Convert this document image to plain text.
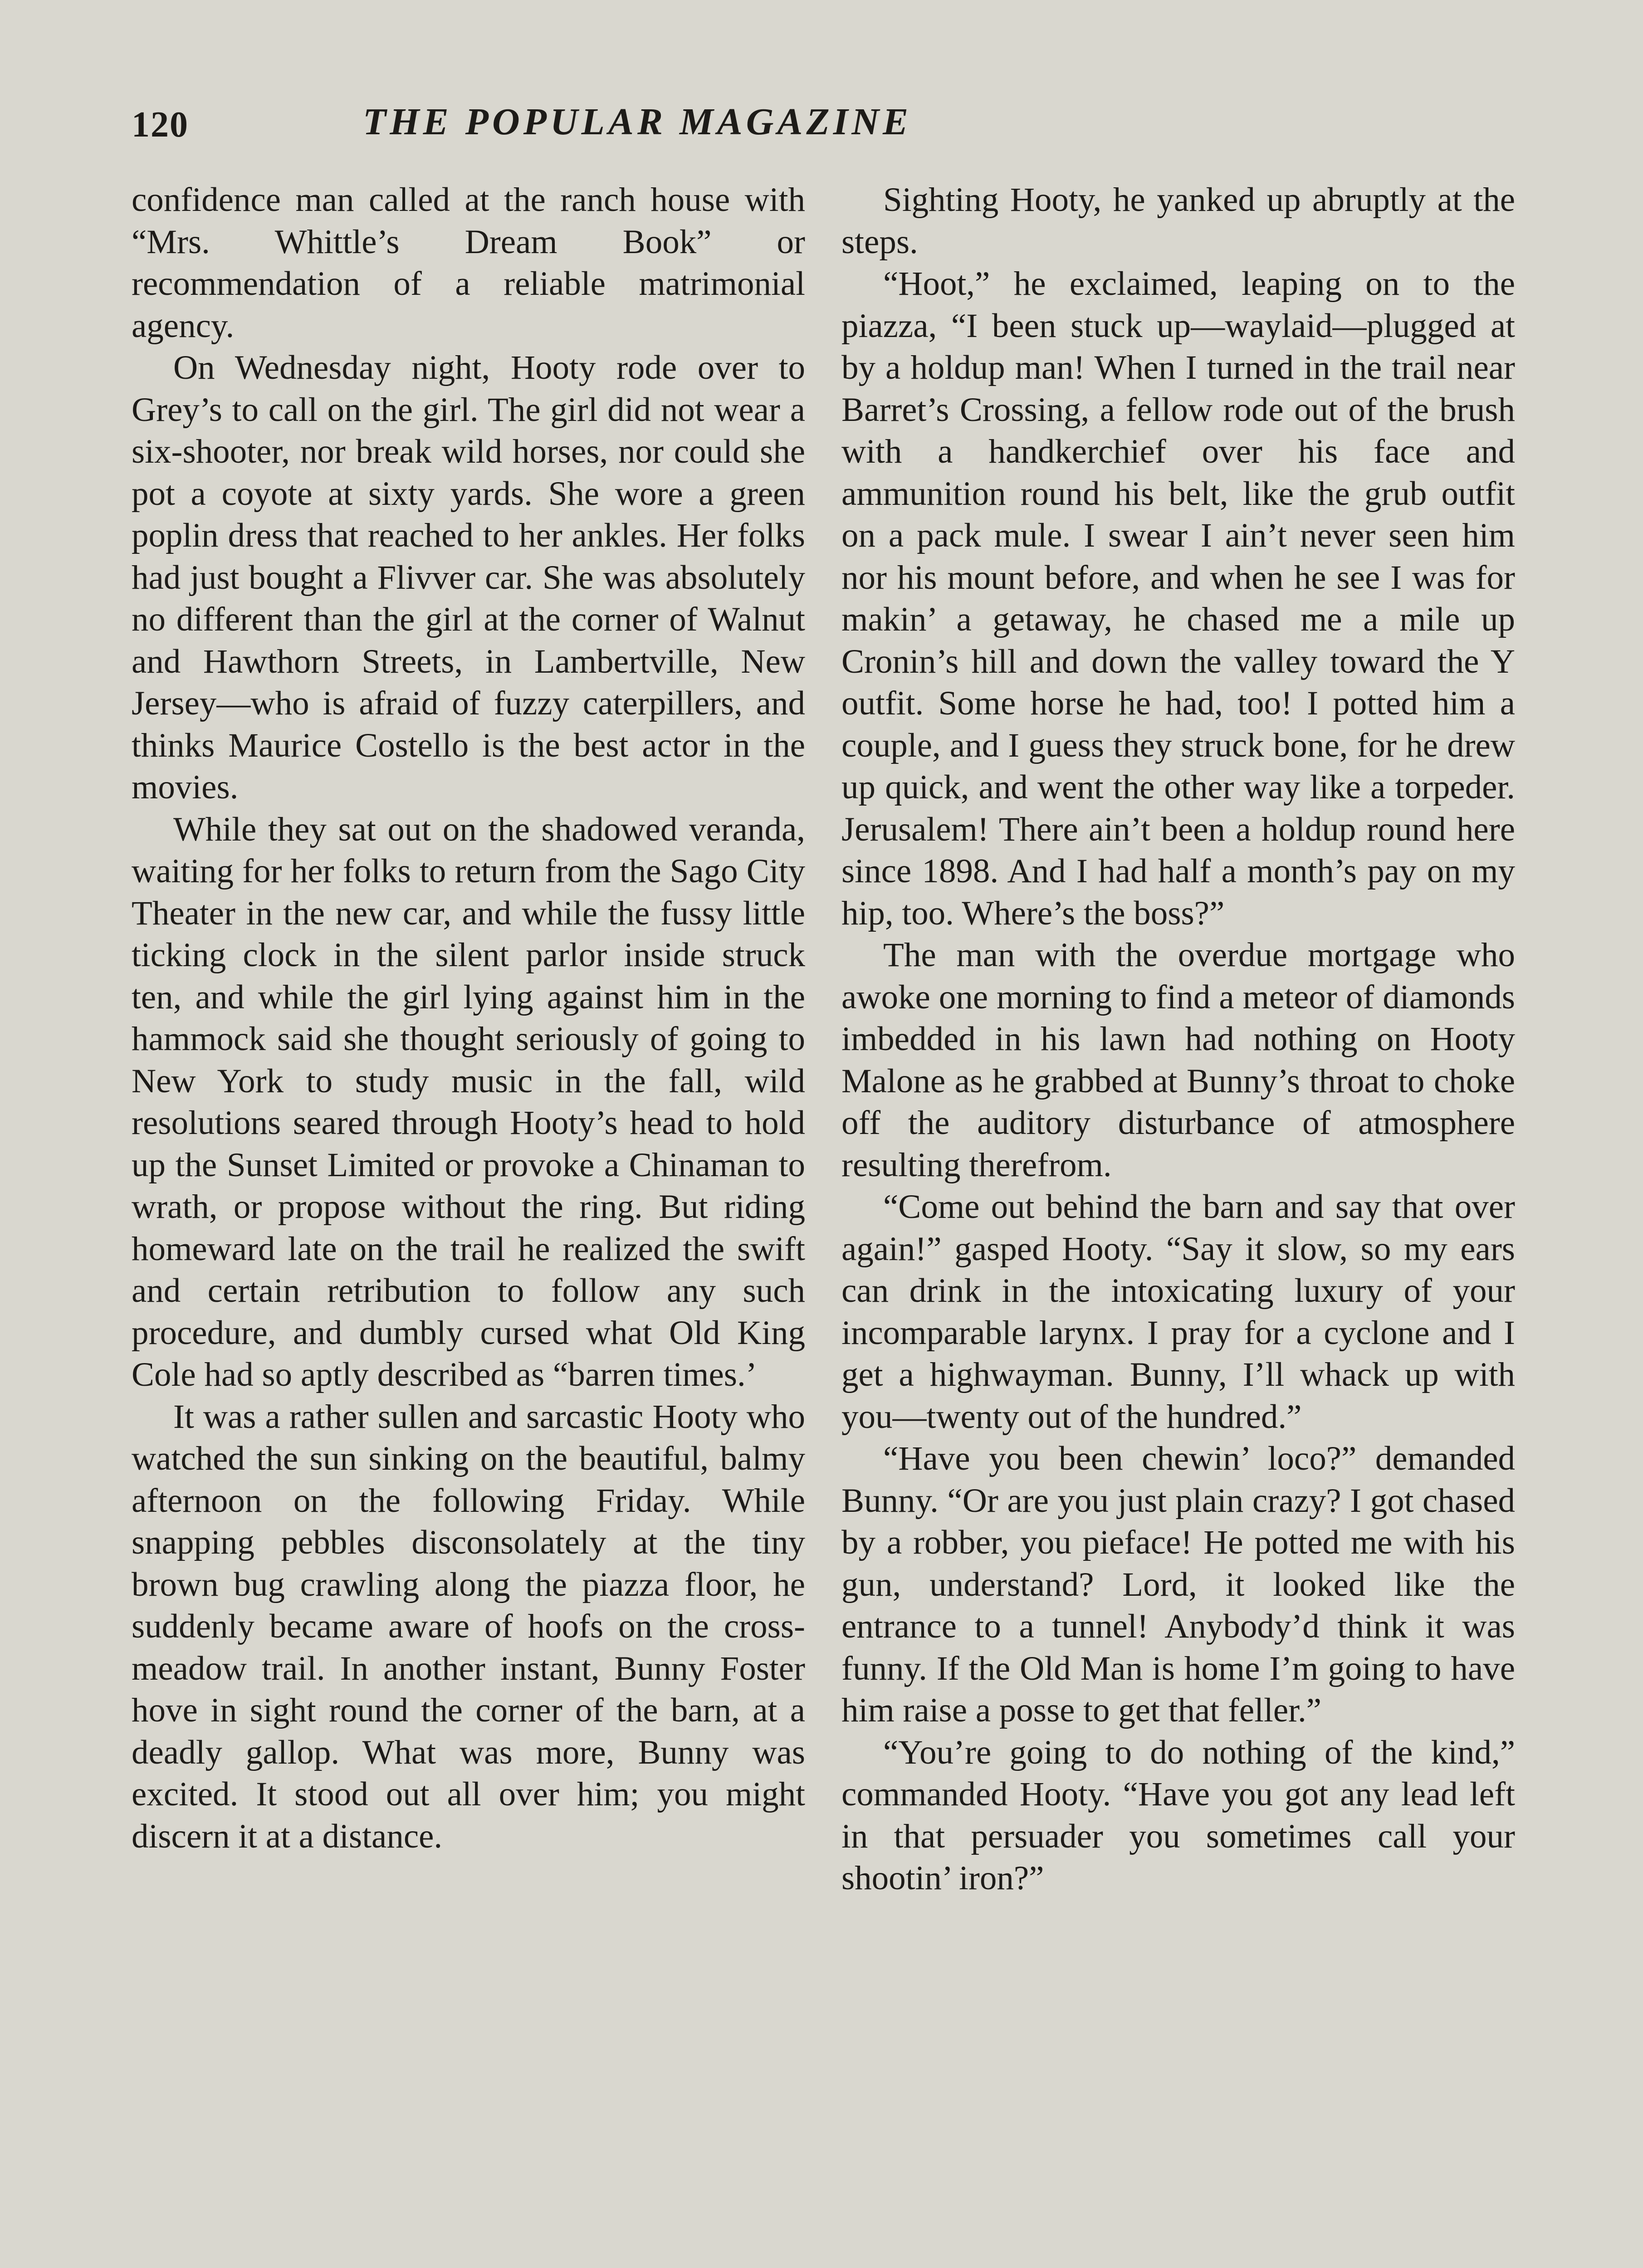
120	THE POPULAR MAGAZINE

confidence man called at the ranch house with “Mrs. Whittle’s Dream Book” or recommendation of a reliable matrimonial agency.

On Wednesday night, Hooty rode over to Grey’s to call on the girl. The girl did not wear a six-shooter, nor break wild horses, nor could she pot a coyote at sixty yards. She wore a green poplin dress that reached to her ankles. Her folks had just bought a Flivver car. She was absolutely no different than the girl at the corner of Walnut and Hawthorn Streets, in Lambertville, New Jersey—who is afraid of fuzzy caterpillers, and thinks Maurice Costello is the best actor in the movies.

While they sat out on the shadowed veranda, waiting for her folks to return from the Sago City Theater in the new car, and while the fussy little ticking clock in the silent parlor inside struck ten, and while the girl lying against him in the hammock said she thought seriously of going to New York to study music in the fall, wild resolutions seared through Hooty’s head to hold up the Sunset Limited or provoke a Chinaman to wrath, or propose without the ring. But riding homeward late on the trail he realized the swift and certain retribution to follow any such procedure, and dumbly cursed what Old King Cole had so aptly described as “barren times.’

It was a rather sullen and sarcastic Hooty who watched the sun sinking on the beautiful, balmy afternoon on the following Friday. While snapping pebbles disconsolately at the tiny brown bug crawling along the piazza floor, he suddenly became aware of hoofs on the cross-meadow trail. In another instant, Bunny Foster hove in sight round the corner of the barn, at a deadly gallop. What was more, Bunny was excited. It stood out all over him; you might discern it at a distance.

Sighting Hooty, he yanked up abruptly at the steps.

“Hoot,” he exclaimed, leaping on to the piazza, “I been stuck up—waylaid—plugged at by a holdup man! When I turned in the trail near Barret’s Crossing, a fellow rode out of the brush with a handkerchief over his face and ammunition round his belt, like the grub outfit on a pack mule. I swear I ain’t never seen him nor his mount before, and when he see I was for makin’ a getaway, he chased me a mile up Cronin’s hill and down the valley toward the Y outfit. Some horse he had, too! I potted him a couple, and I guess they struck bone, for he drew up quick, and went the other way like a torpeder. Jerusalem! There ain’t been a holdup round here since 1898. And I had half a month’s pay on my hip, too. Where’s the boss?”

The man with the overdue mortgage who awoke one morning to find a meteor of diamonds imbedded in his lawn had nothing on Hooty Malone as he grabbed at Bunny’s throat to choke off the auditory disturbance of atmosphere resulting therefrom.

“Come out behind the barn and say that over again!” gasped Hooty. “Say it slow, so my ears can drink in the intoxicating luxury of your incomparable larynx. I pray for a cyclone and I get a highwayman. Bunny, I’ll whack up with you—twenty out of the hundred.”

“Have you been chewin’ loco?” demanded Bunny. “Or are you just plain crazy? I got chased by a robber, you pieface! He potted me with his gun, understand? Lord, it looked like the entrance to a tunnel! Anybody’d think it was funny. If the Old Man is home I’m going to have him raise a posse to get that feller.”

“You’re going to do nothing of the kind,” commanded Hooty. “Have you got any lead left in that persuader you sometimes call your shootin’ iron?”
